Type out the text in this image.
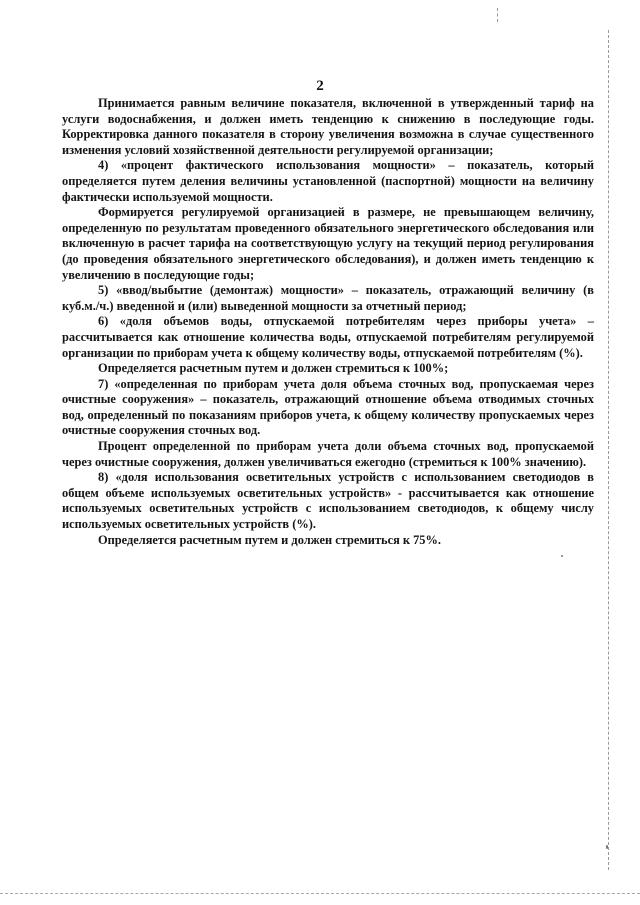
2

Принимается равным величине показателя, включенной в утвержденный тариф на услуги водоснабжения, и должен иметь тенденцию к снижению в последующие годы. Корректировка данного показателя в сторону увеличения возможна в случае существенного изменения условий хозяйственной деятельности регулируемой организации;

4) «процент фактического использования мощности» – показатель, который определяется путем деления величины установленной (паспортной) мощности на величину фактически используемой мощности.

Формируется регулируемой организацией в размере, не превышающем величину, определенную по результатам проведенного обязательного энергетического обследования или включенную в расчет тарифа на соответствующую услугу на текущий период регулирования (до проведения обязательного энергетического обследования), и должен иметь тенденцию к увеличению в последующие годы;

5) «ввод/выбытие (демонтаж) мощности» – показатель, отражающий величину (в куб.м./ч.) введенной и (или) выведенной мощности за отчетный период;

6) «доля объемов воды, отпускаемой потребителям через приборы учета» – рассчитывается как отношение количества воды, отпускаемой потребителям регулируемой организации по приборам учета к общему количеству воды, отпускаемой потребителям (%).

Определяется расчетным путем и должен стремиться к 100%;

7) «определенная по приборам учета доля объема сточных вод, пропускаемая через очистные сооружения» – показатель, отражающий отношение объема отводимых сточных вод, определенный по показаниям приборов учета, к общему количеству пропускаемых через очистные сооружения сточных вод.

Процент определенной по приборам учета доли объема сточных вод, пропускаемой через очистные сооружения, должен увеличиваться ежегодно (стремиться к 100% значению).

8) «доля использования осветительных устройств с использованием светодиодов в общем объеме используемых осветительных устройств» - рассчитывается как отношение используемых осветительных устройств с использованием светодиодов, к общему числу используемых осветительных устройств (%).

Определяется расчетным путем и должен стремиться к 75%.
